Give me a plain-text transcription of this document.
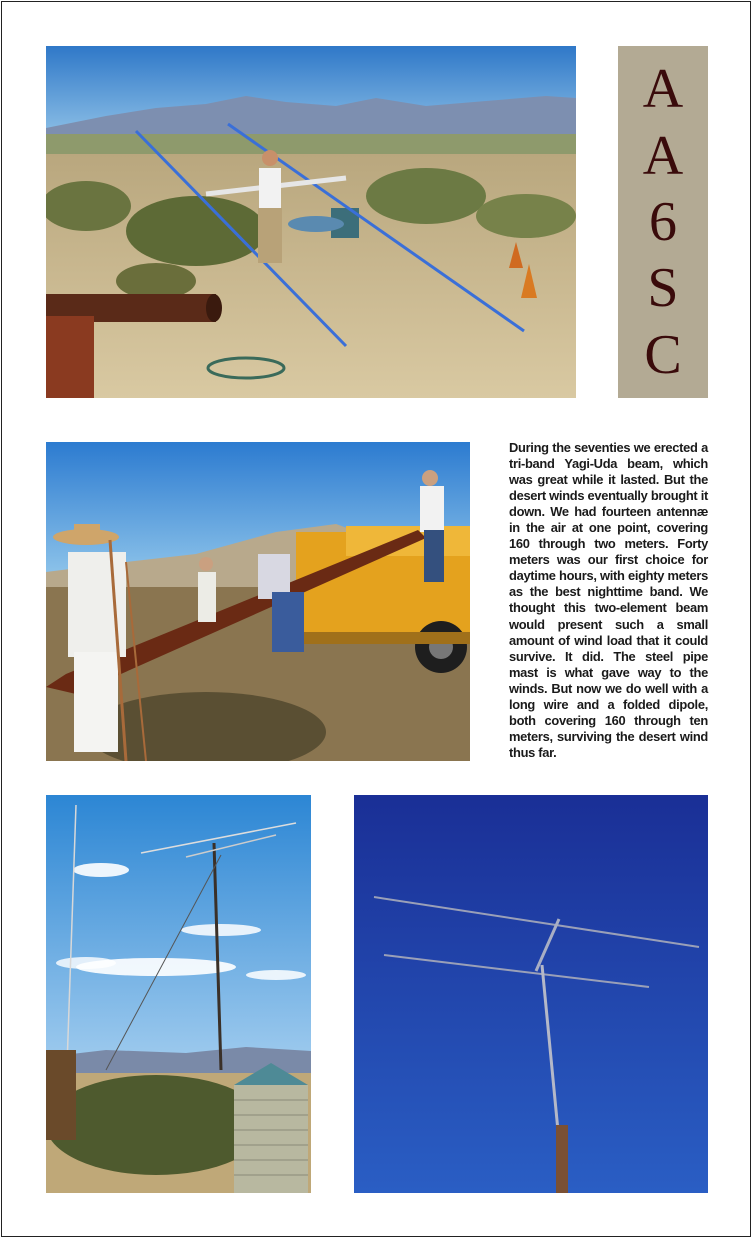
A
A
6
S
C
During the seventies we erected a tri-band Yagi-Uda beam, which was great while it lasted. But the desert winds eventually brought it down. We had fourteen antennæ in the air at one point, covering 160 through two meters. Forty meters was our first choice for daytime hours, with eighty meters as the best nighttime band. We thought this two-element beam would present such a small amount of wind load that it could survive. It did. The steel pipe mast is what gave way to the winds. But now we do well with a long wire and a folded dipole, both covering 160 through ten meters, surviving the desert wind thus far.
